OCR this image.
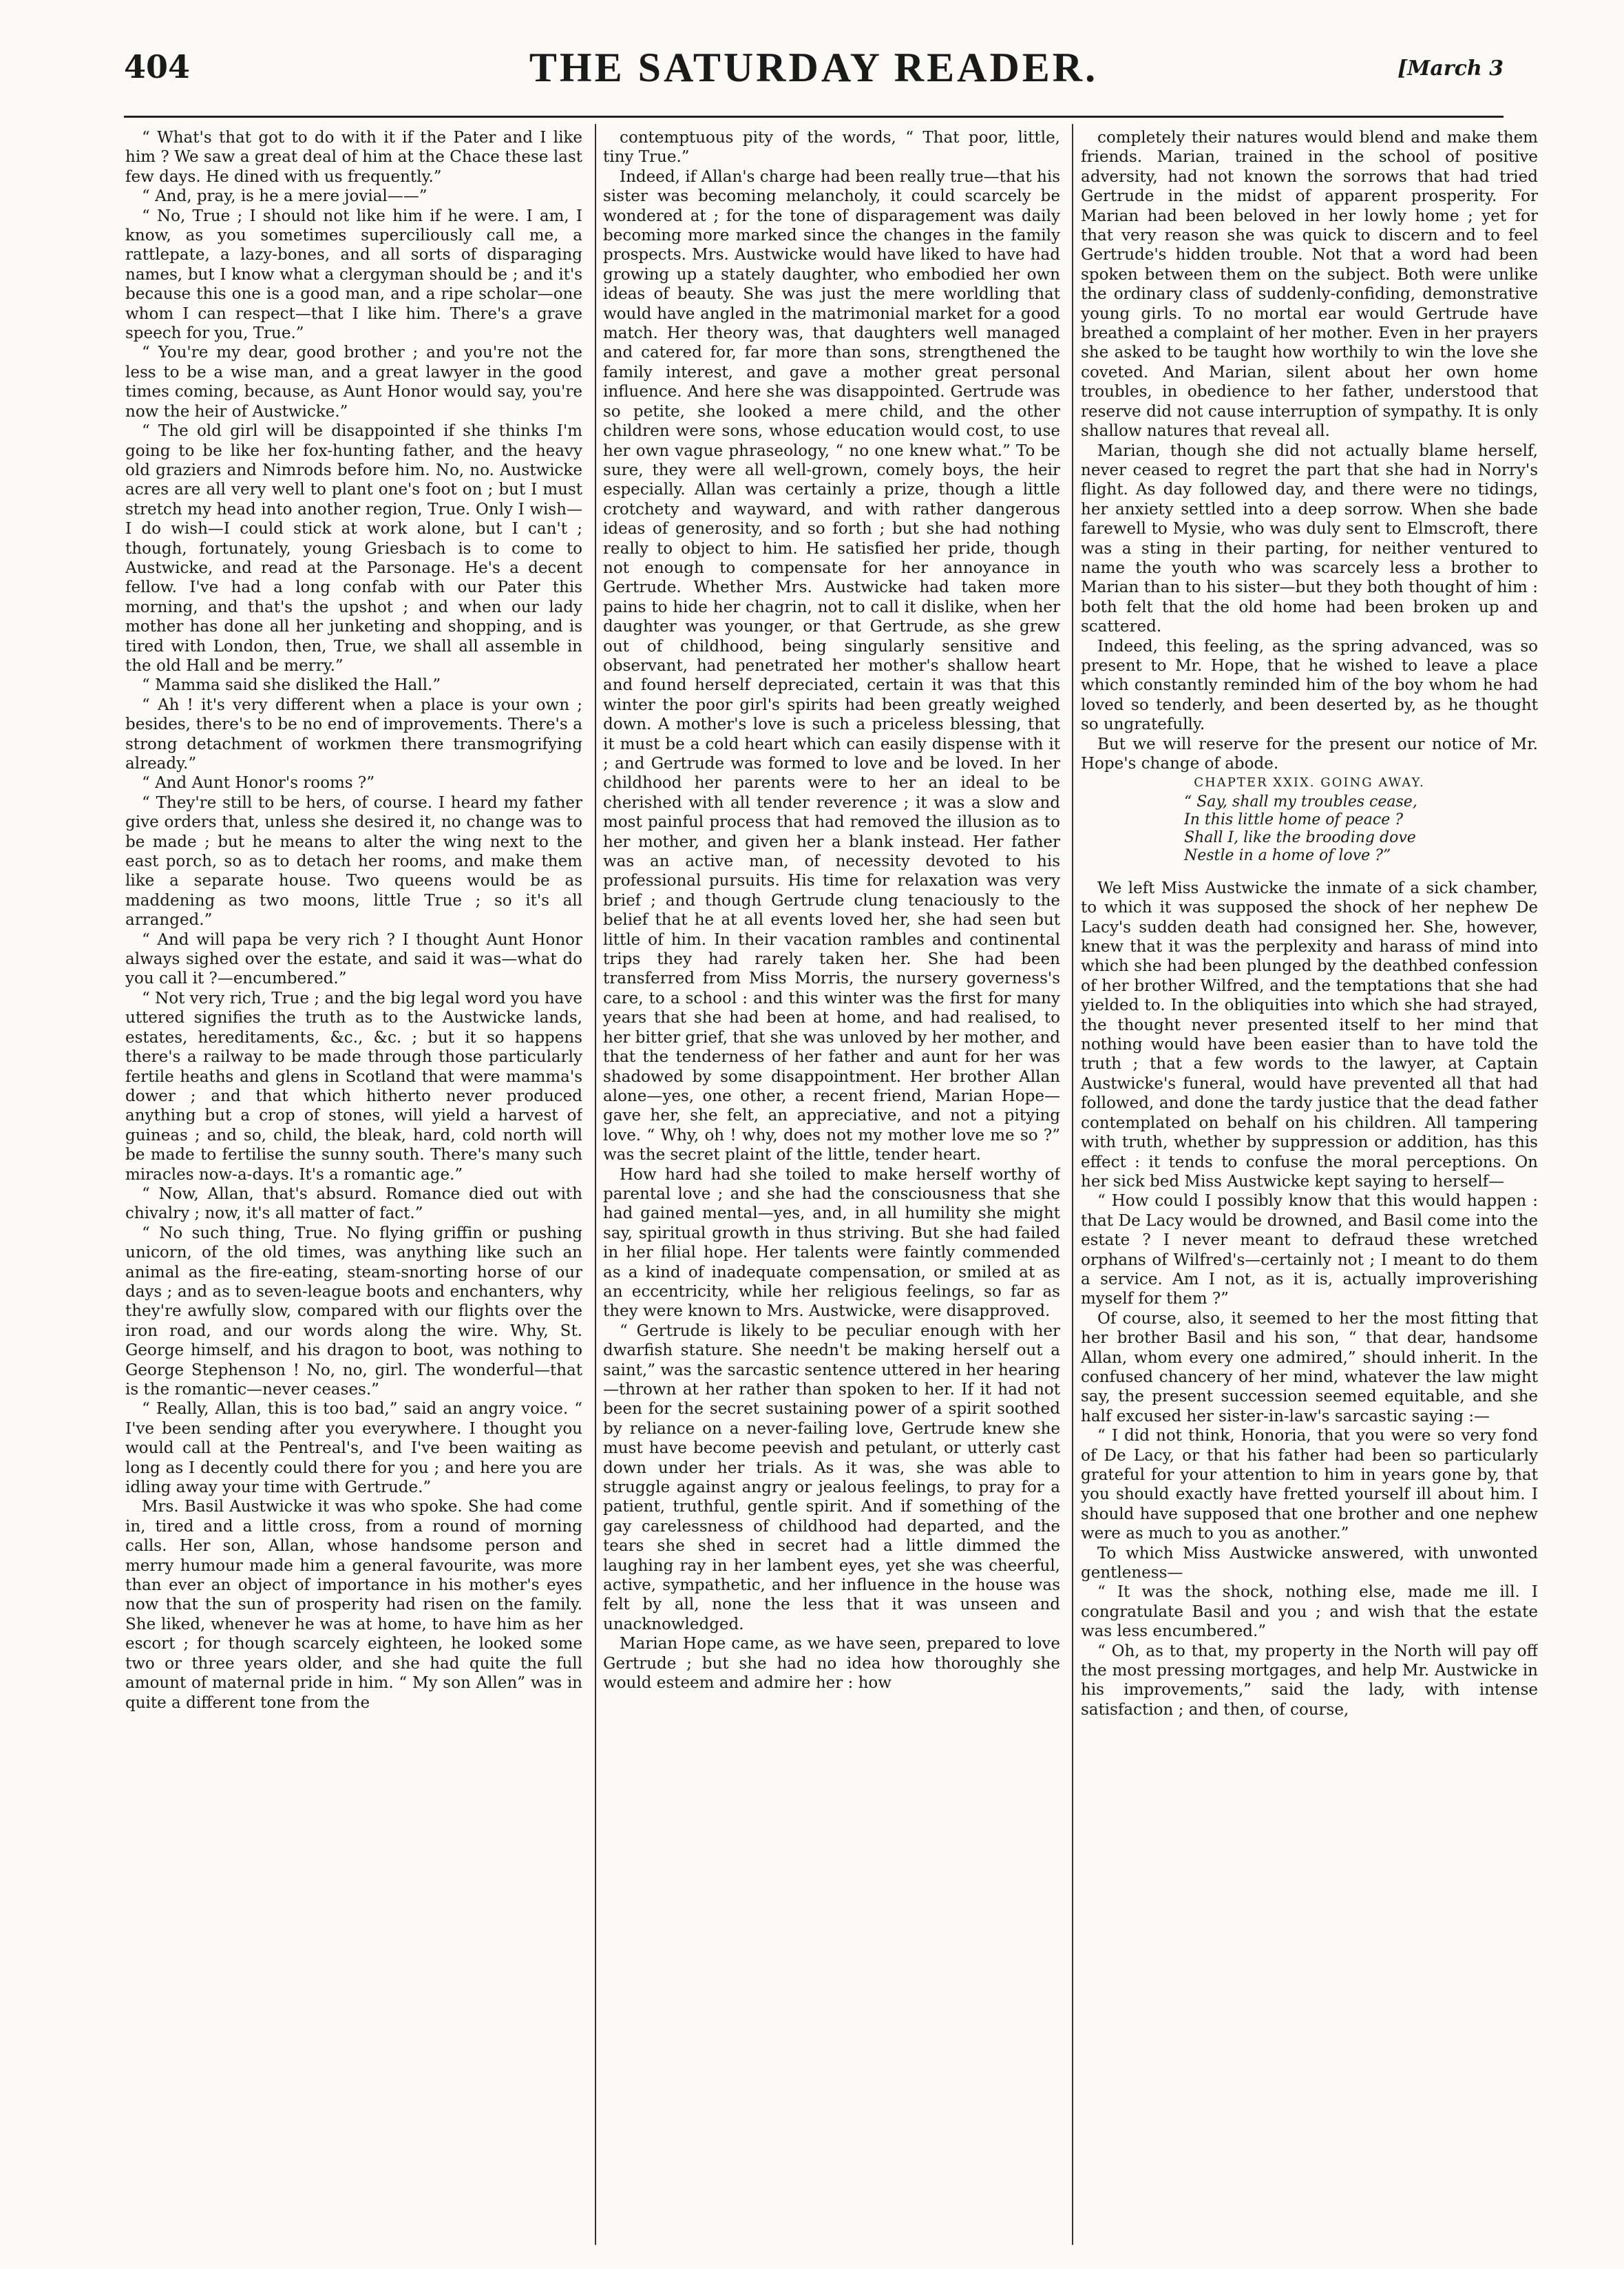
404	THE SATURDAY READER.	[March 3

“ What's that got to do with it if the Pater and I like him ? We saw a great deal of him at the Chace these last few days. He dined with us frequently.”

“ And, pray, is he a mere jovial——”

“ No, True ; I should not like him if he were. I am, I know, as you sometimes superciliously call me, a rattlepate, a lazy-bones, and all sorts of disparaging names, but I know what a clergyman should be ; and it's because this one is a good man, and a ripe scholar—one whom I can respect—that I like him. There's a grave speech for you, True.”

“ You're my dear, good brother ; and you're not the less to be a wise man, and a great lawyer in the good times coming, because, as Aunt Honor would say, you're now the heir of Austwicke.”

“ The old girl will be disappointed if she thinks I'm going to be like her fox-hunting father, and the heavy old graziers and Nimrods before him. No, no. Austwicke acres are all very well to plant one's foot on ; but I must stretch my head into another region, True. Only I wish—I do wish—I could stick at work alone, but I can't ; though, fortunately, young Griesbach is to come to Austwicke, and read at the Parsonage. He's a decent fellow. I've had a long confab with our Pater this morning, and that's the upshot ; and when our lady mother has done all her junketing and shopping, and is tired with London, then, True, we shall all assemble in the old Hall and be merry.”

“ Mamma said she disliked the Hall.”

“ Ah ! it's very different when a place is your own ; besides, there's to be no end of improvements. There's a strong detachment of workmen there transmogrifying already.”

“ And Aunt Honor's rooms ?”

“ They're still to be hers, of course. I heard my father give orders that, unless she desired it, no change was to be made ; but he means to alter the wing next to the east porch, so as to detach her rooms, and make them like a separate house. Two queens would be as maddening as two moons, little True ; so it's all arranged.”

“ And will papa be very rich ? I thought Aunt Honor always sighed over the estate, and said it was—what do you call it ?—encumbered.”

“ Not very rich, True ; and the big legal word you have uttered signifies the truth as to the Austwicke lands, estates, hereditaments, &c., &c. ; but it so happens there's a railway to be made through those particularly fertile heaths and glens in Scotland that were mamma's dower ; and that which hitherto never produced anything but a crop of stones, will yield a harvest of guineas ; and so, child, the bleak, hard, cold north will be made to fertilise the sunny south. There's many such miracles now-a-days. It's a romantic age.”

“ Now, Allan, that's absurd. Romance died out with chivalry ; now, it's all matter of fact.”

“ No such thing, True. No flying griffin or pushing unicorn, of the old times, was anything like such an animal as the fire-eating, steam-snorting horse of our days ; and as to seven-league boots and enchanters, why they're awfully slow, compared with our flights over the iron road, and our words along the wire. Why, St. George himself, and his dragon to boot, was nothing to George Stephenson ! No, no, girl. The wonderful—that is the romantic—never ceases.”

“ Really, Allan, this is too bad,” said an angry voice. “ I've been sending after you everywhere. I thought you would call at the Pentreal's, and I've been waiting as long as I decently could there for you ; and here you are idling away your time with Gertrude.”

Mrs. Basil Austwicke it was who spoke. She had come in, tired and a little cross, from a round of morning calls. Her son, Allan, whose handsome person and merry humour made him a general favourite, was more than ever an object of importance in his mother's eyes now that the sun of prosperity had risen on the family. She liked, whenever he was at home, to have him as her escort ; for though scarcely eighteen, he looked some two or three years older, and she had quite the full amount of maternal pride in him. “ My son Allen” was in quite a different tone from the

contemptuous pity of the words, “ That poor, little, tiny True.”

Indeed, if Allan's charge had been really true—that his sister was becoming melancholy, it could scarcely be wondered at ; for the tone of disparagement was daily becoming more marked since the changes in the family prospects. Mrs. Austwicke would have liked to have had growing up a stately daughter, who embodied her own ideas of beauty. She was just the mere worldling that would have angled in the matrimonial market for a good match. Her theory was, that daughters well managed and catered for, far more than sons, strengthened the family interest, and gave a mother great personal influence. And here she was disappointed. Gertrude was so petite, she looked a mere child, and the other children were sons, whose education would cost, to use her own vague phraseology, “ no one knew what.” To be sure, they were all well-grown, comely boys, the heir especially. Allan was certainly a prize, though a little crotchety and wayward, and with rather dangerous ideas of generosity, and so forth ; but she had nothing really to object to him. He satisfied her pride, though not enough to compensate for her annoyance in Gertrude. Whether Mrs. Austwicke had taken more pains to hide her chagrin, not to call it dislike, when her daughter was younger, or that Gertrude, as she grew out of childhood, being singularly sensitive and observant, had penetrated her mother's shallow heart and found herself depreciated, certain it was that this winter the poor girl's spirits had been greatly weighed down. A mother's love is such a priceless blessing, that it must be a cold heart which can easily dispense with it ; and Gertrude was formed to love and be loved. In her childhood her parents were to her an ideal to be cherished with all tender reverence ; it was a slow and most painful process that had removed the illusion as to her mother, and given her a blank instead. Her father was an active man, of necessity devoted to his professional pursuits. His time for relaxation was very brief ; and though Gertrude clung tenaciously to the belief that he at all events loved her, she had seen but little of him. In their vacation rambles and continental trips they had rarely taken her. She had been transferred from Miss Morris, the nursery governess's care, to a school : and this winter was the first for many years that she had been at home, and had realised, to her bitter grief, that she was unloved by her mother, and that the tenderness of her father and aunt for her was shadowed by some disappointment. Her brother Allan alone—yes, one other, a recent friend, Marian Hope—gave her, she felt, an appreciative, and not a pitying love. “ Why, oh ! why, does not my mother love me so ?” was the secret plaint of the little, tender heart.

How hard had she toiled to make herself worthy of parental love ; and she had the consciousness that she had gained mental—yes, and, in all humility she might say, spiritual growth in thus striving. But she had failed in her filial hope. Her talents were faintly commended as a kind of inadequate compensation, or smiled at as an eccentricity, while her religious feelings, so far as they were known to Mrs. Austwicke, were disapproved.

“ Gertrude is likely to be peculiar enough with her dwarfish stature. She needn't be making herself out a saint,” was the sarcastic sentence uttered in her hearing—thrown at her rather than spoken to her. If it had not been for the secret sustaining power of a spirit soothed by reliance on a never-failing love, Gertrude knew she must have become peevish and petulant, or utterly cast down under her trials. As it was, she was able to struggle against angry or jealous feelings, to pray for a patient, truthful, gentle spirit. And if something of the gay carelessness of childhood had departed, and the tears she shed in secret had a little dimmed the laughing ray in her lambent eyes, yet she was cheerful, active, sympathetic, and her influence in the house was felt by all, none the less that it was unseen and unacknowledged.

Marian Hope came, as we have seen, prepared to love Gertrude ; but she had no idea how thoroughly she would esteem and admire her : how

completely their natures would blend and make them friends. Marian, trained in the school of positive adversity, had not known the sorrows that had tried Gertrude in the midst of apparent prosperity. For Marian had been beloved in her lowly home ; yet for that very reason she was quick to discern and to feel Gertrude's hidden trouble. Not that a word had been spoken between them on the subject. Both were unlike the ordinary class of suddenly-confiding, demonstrative young girls. To no mortal ear would Gertrude have breathed a complaint of her mother. Even in her prayers she asked to be taught how worthily to win the love she coveted. And Marian, silent about her own home troubles, in obedience to her father, understood that reserve did not cause interruption of sympathy. It is only shallow natures that reveal all.

Marian, though she did not actually blame herself, never ceased to regret the part that she had in Norry's flight. As day followed day, and there were no tidings, her anxiety settled into a deep sorrow. When she bade farewell to Mysie, who was duly sent to Elmscroft, there was a sting in their parting, for neither ventured to name the youth who was scarcely less a brother to Marian than to his sister—but they both thought of him : both felt that the old home had been broken up and scattered.

Indeed, this feeling, as the spring advanced, was so present to Mr. Hope, that he wished to leave a place which constantly reminded him of the boy whom he had loved so tenderly, and been deserted by, as he thought so ungratefully.

But we will reserve for the present our notice of Mr. Hope's change of abode.

CHAPTER XXIX. GOING AWAY.

“ Say, shall my troubles cease,
In this little home of peace ?
Shall I, like the brooding dove
Nestle in a home of love ?”

We left Miss Austwicke the inmate of a sick chamber, to which it was supposed the shock of her nephew De Lacy's sudden death had consigned her. She, however, knew that it was the perplexity and harass of mind into which she had been plunged by the deathbed confession of her brother Wilfred, and the temptations that she had yielded to. In the obliquities into which she had strayed, the thought never presented itself to her mind that nothing would have been easier than to have told the truth ; that a few words to the lawyer, at Captain Austwicke's funeral, would have prevented all that had followed, and done the tardy justice that the dead father contemplated on behalf on his children. All tampering with truth, whether by suppression or addition, has this effect : it tends to confuse the moral perceptions. On her sick bed Miss Austwicke kept saying to herself—

“ How could I possibly know that this would happen : that De Lacy would be drowned, and Basil come into the estate ? I never meant to defraud these wretched orphans of Wilfred's—certainly not ; I meant to do them a service. Am I not, as it is, actually improverishing myself for them ?”

Of course, also, it seemed to her the most fitting that her brother Basil and his son, “ that dear, handsome Allan, whom every one admired,” should inherit. In the confused chancery of her mind, whatever the law might say, the present succession seemed equitable, and she half excused her sister-in-law's sarcastic saying :—

“ I did not think, Honoria, that you were so very fond of De Lacy, or that his father had been so particularly grateful for your attention to him in years gone by, that you should exactly have fretted yourself ill about him. I should have supposed that one brother and one nephew were as much to you as another.”

To which Miss Austwicke answered, with unwonted gentleness—

“ It was the shock, nothing else, made me ill. I congratulate Basil and you ; and wish that the estate was less encumbered.”

“ Oh, as to that, my property in the North will pay off the most pressing mortgages, and help Mr. Austwicke in his improvements,” said the lady, with intense satisfaction ; and then, of course,
